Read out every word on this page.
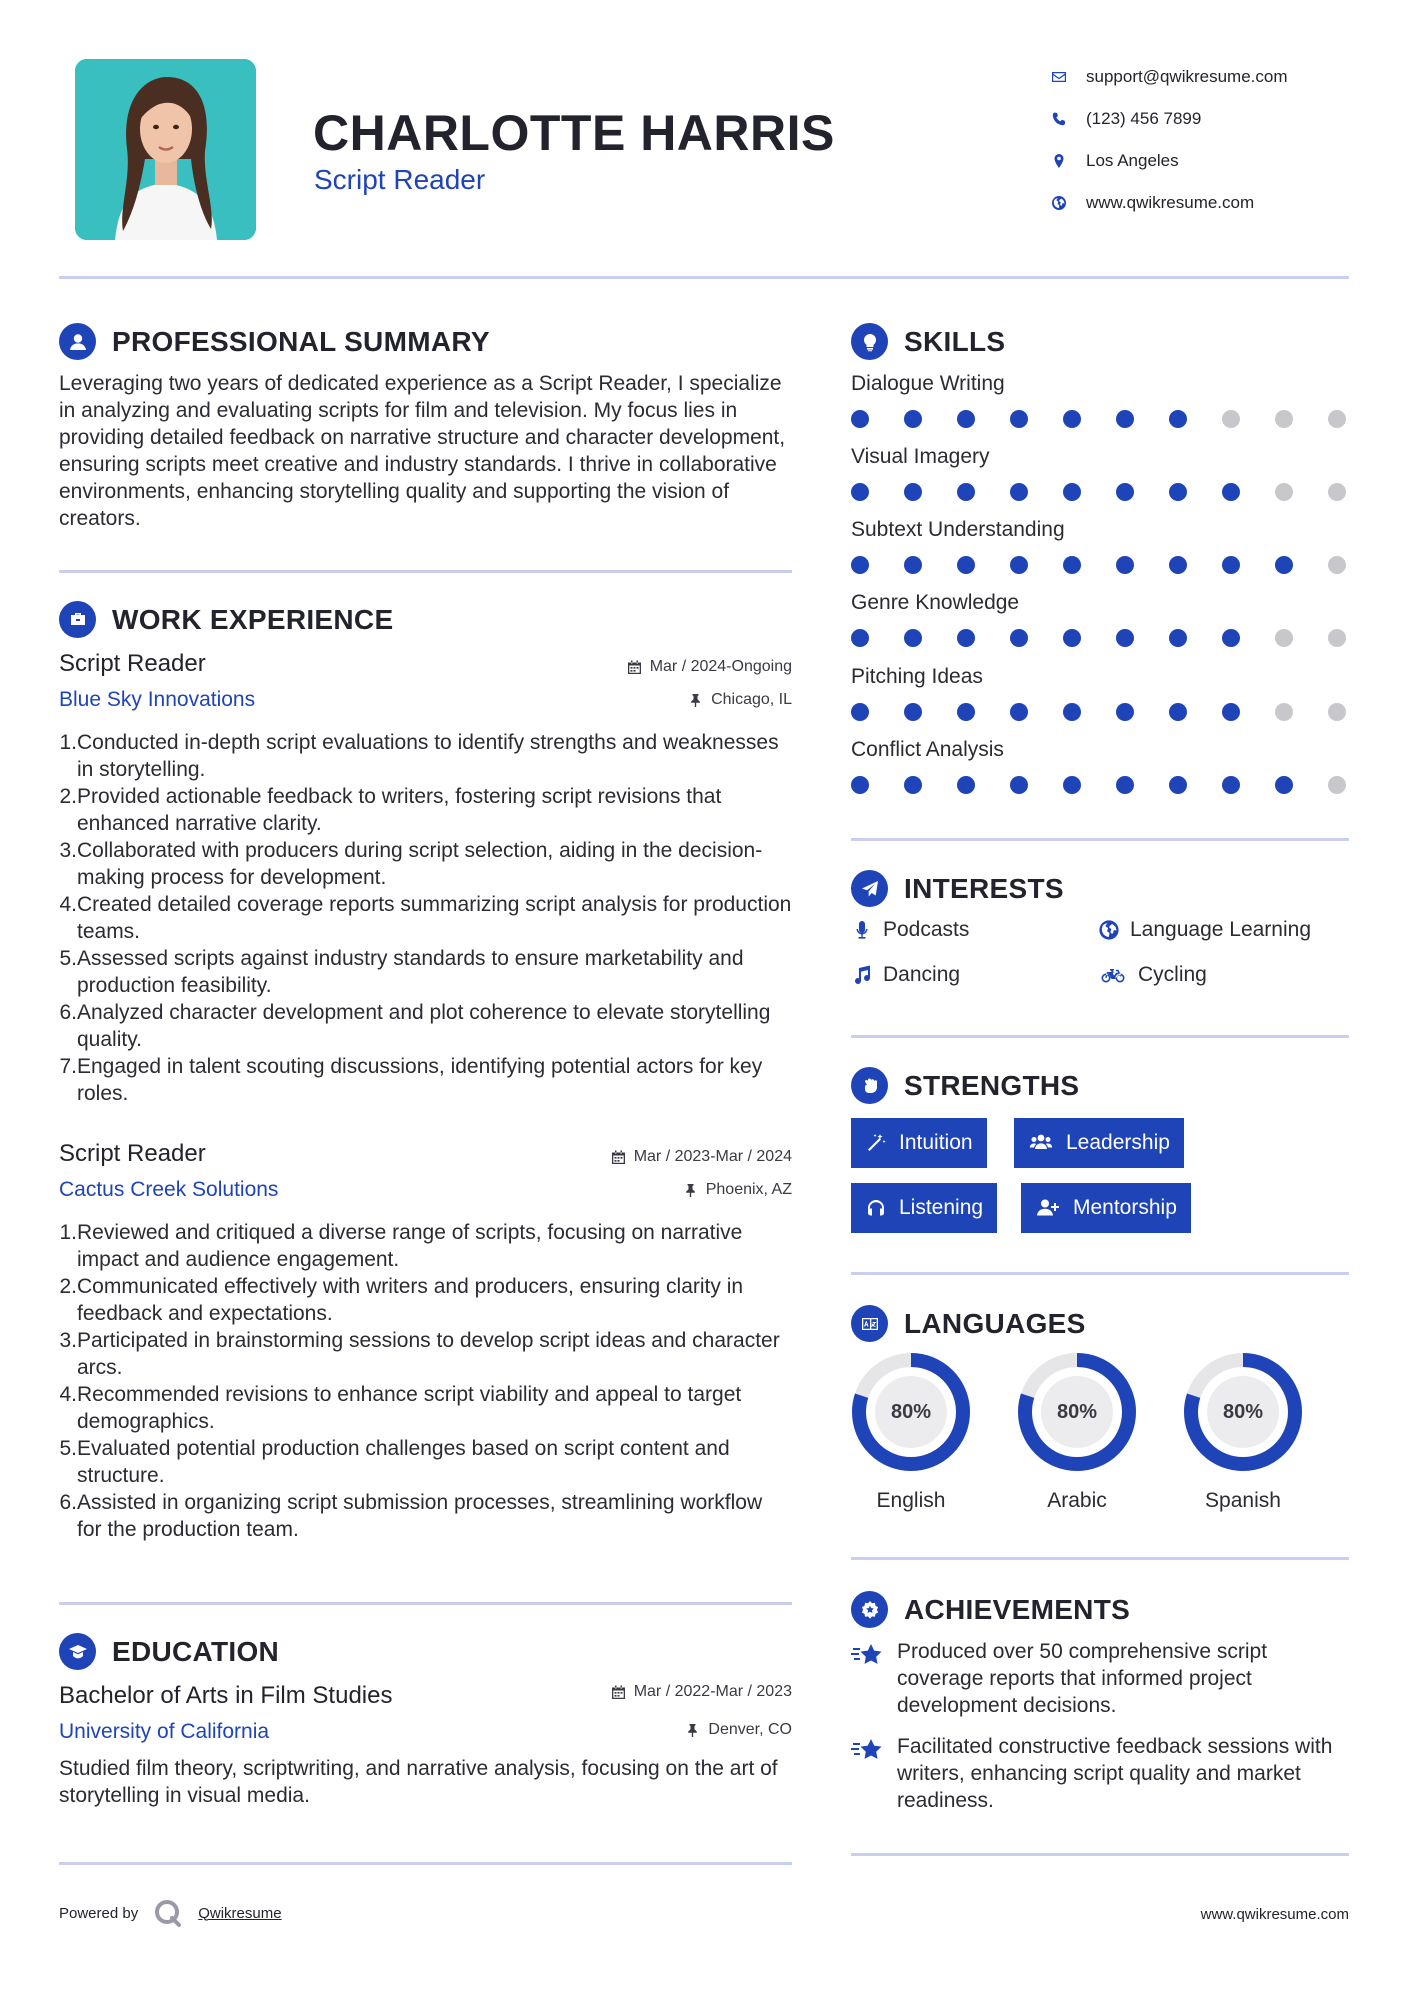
CHARLOTTE HARRIS
Script Reader
support@qwikresume.com
(123) 456 7899
Los Angeles
www.qwikresume.com
PROFESSIONAL SUMMARY
Leveraging two years of dedicated experience as a Script Reader, I specialize in analyzing and evaluating scripts for film and television. My focus lies in providing detailed feedback on narrative structure and character development, ensuring scripts meet creative and industry standards. I thrive in collaborative environments, enhancing storytelling quality and supporting the vision of creators.
WORK EXPERIENCE
Script Reader	Mar / 2024-Ongoing
Blue Sky Innovations	Chicago, IL
1. Conducted in-depth script evaluations to identify strengths and weaknesses in storytelling.
2. Provided actionable feedback to writers, fostering script revisions that enhanced narrative clarity.
3. Collaborated with producers during script selection, aiding in the decision-making process for development.
4. Created detailed coverage reports summarizing script analysis for production teams.
5. Assessed scripts against industry standards to ensure marketability and production feasibility.
6. Analyzed character development and plot coherence to elevate storytelling quality.
7. Engaged in talent scouting discussions, identifying potential actors for key roles.
Script Reader	Mar / 2023-Mar / 2024
Cactus Creek Solutions	Phoenix, AZ
1. Reviewed and critiqued a diverse range of scripts, focusing on narrative impact and audience engagement.
2. Communicated effectively with writers and producers, ensuring clarity in feedback and expectations.
3. Participated in brainstorming sessions to develop script ideas and character arcs.
4. Recommended revisions to enhance script viability and appeal to target demographics.
5. Evaluated potential production challenges based on script content and structure.
6. Assisted in organizing script submission processes, streamlining workflow for the production team.
EDUCATION
Bachelor of Arts in Film Studies	Mar / 2022-Mar / 2023
University of California	Denver, CO
Studied film theory, scriptwriting, and narrative analysis, focusing on the art of storytelling in visual media.
SKILLS
Dialogue Writing
Visual Imagery
Subtext Understanding
Genre Knowledge
Pitching Ideas
Conflict Analysis
INTERESTS
Podcasts	Language Learning
Dancing	Cycling
STRENGTHS
Intuition	Leadership
Listening	Mentorship
LANGUAGES
80%
English
80%
Arabic
80%
Spanish
ACHIEVEMENTS
Produced over 50 comprehensive script coverage reports that informed project development decisions.
Facilitated constructive feedback sessions with writers, enhancing script quality and market readiness.
Powered by	Qwikresume	www.qwikresume.com
